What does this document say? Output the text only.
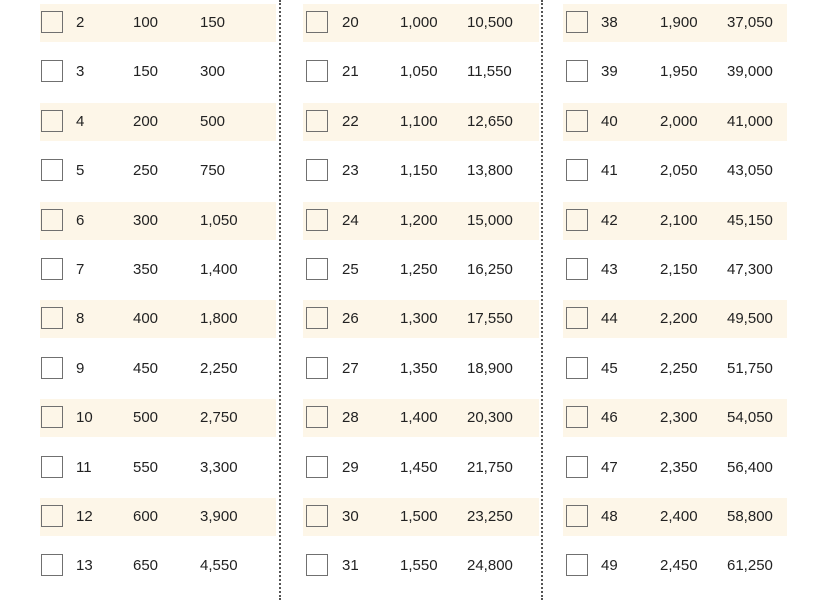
2	100	150
3	150	300
4	200	500
5	250	750
6	300	1,050
7	350	1,400
8	400	1,800
9	450	2,250
10	500	2,750
11	550	3,300
12	600	3,900
13	650	4,550
20	1,000 10,500
21	1,050 11,550
22	1,100 12,650
23	1,150 13,800
24	1,200 15,000
25	1,250 16,250
26	1,300 17,550
27	1,350 18,900
28	1,400 20,300
29	1,450 21,750
30	1,500 23,250
31	1,550 24,800
38	1,900 37,050
39	1,950 39,000
40	2,000 41,000
41	2,050 43,050
42	2,100 45,150
43	2,150 47,300
44	2,200 49,500
45	2,250 51,750
46	2,300 54,050
47	2,350 56,400
48	2,400 58,800
49	2,450 61,250
